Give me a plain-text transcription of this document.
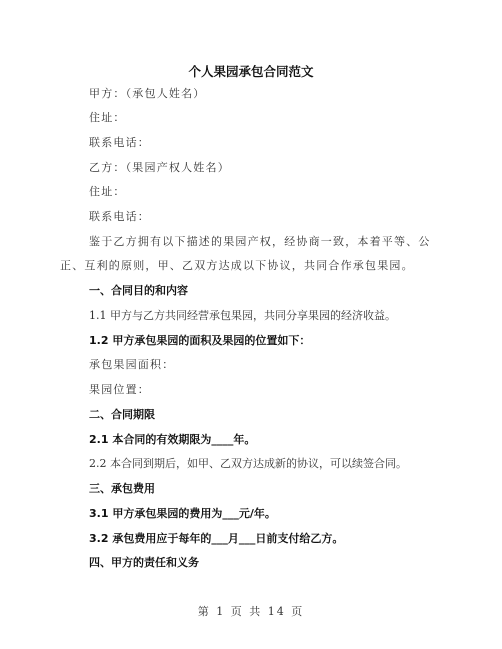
个人果园承包合同范文
甲方：（承包人姓名）
住址：
联系电话：
乙方：（果园产权人姓名）
住址：
联系电话：
鉴于乙方拥有以下描述的果园产权，经协商一致，本着平等、公
正、互利的原则，甲、乙双方达成以下协议，共同合作承包果园。
一、合同目的和内容
1.1 甲方与乙方共同经营承包果园，共同分享果园的经济收益。
1.2 甲方承包果园的面积及果园的位置如下：
承包果园面积：
果园位置：
二、合同期限
2.1 本合同的有效期限为____年。
2.2 本合同到期后，如甲、乙双方达成新的协议，可以续签合同。
三、承包费用
3.1 甲方承包果园的费用为___元/年。
3.2 承包费用应于每年的___月___日前支付给乙方。
四、甲方的责任和义务
第 1 页 共 14 页
